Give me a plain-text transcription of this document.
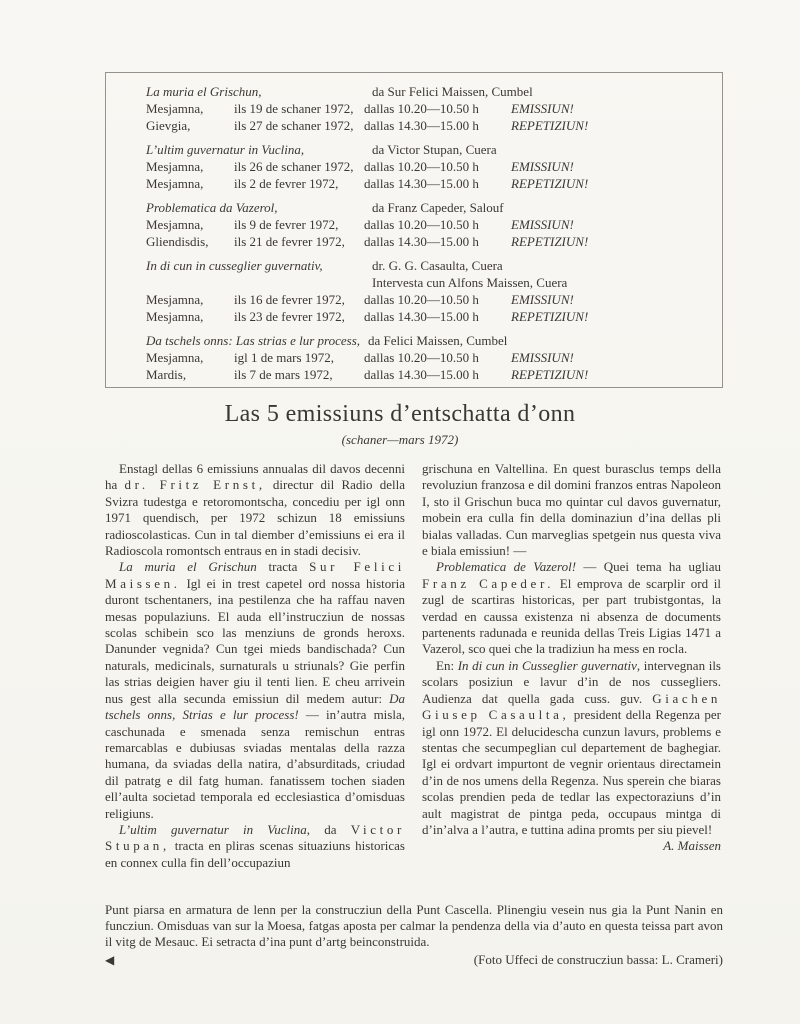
La muria el Grischun,	da Sur Felici Maissen, Cumbel
Mesjamna,	ils 19 de schaner 1972, dallas 10.20—10.50 h	EMISSIUN!
Gievgia,	ils 27 de schaner 1972, dallas 14.30—15.00 h	REPETIZIUN!
L’ultim guvernatur in Vuclina,	da Victor Stupan, Cuera
Mesjamna,	ils 26 de schaner 1972, dallas 10.20—10.50 h	EMISSIUN!
Mesjamna,	ils 2 de fevrer 1972,	dallas 14.30—15.00 h	REPETIZIUN!
Problematica da Vazerol,	da Franz Capeder, Salouf
Mesjamna,	ils 9 de fevrer 1972,	dallas 10.20—10.50 h	EMISSIUN!
Gliendisdis,	ils 21 de fevrer 1972,	dallas 14.30—15.00 h	REPETIZIUN!
In di cun in cusseglier guvernativ,	dr. G. G. Casaulta, Cuera
Intervesta cun Alfons Maissen, Cuera
Mesjamna,	ils 16 de fevrer 1972,	dallas 10.20—10.50 h	EMISSIUN!
Mesjamna,	ils 23 de fevrer 1972,	dallas 14.30—15.00 h	REPETIZIUN!
Da tschels onns: Las strias e lur process, da Felici Maissen, Cumbel
Mesjamna,	igl 1 de mars 1972,	dallas 10.20—10.50 h	EMISSIUN!
Mardis,	ils 7 de mars 1972,	dallas 14.30—15.00 h	REPETIZIUN!
Las 5 emissiuns d’entschatta d’onn
(schaner—mars 1972)

Enstagl dellas 6 emissiuns annualas dil davos decenni ha dr. Fritz Ernst, directur dil Radio della Svizra tudestga e retoromontscha, concediu per igl onn 1971 quendisch, per 1972 schizun 18 emissiuns radioscolasticas. Cun in tal diember d’emissiuns ei era il Radioscola romontsch entraus en in stadi decisiv.

La muria el Grischun tracta Sur Felici Maissen. Igl ei in trest capetel ord nossa historia duront tschentaners, ina pestilenza che ha raffau naven mesas populaziuns. El auda ell’instrucziun de nossas scolas schibein sco las menziuns de gronds heroxs. Danunder vegnida? Cun tgei mieds bandischada? Cun naturals, medicinals, surnaturals u striunals? Gie perfin las strias deigien haver giu il tenti lien. E cheu arrivein nus gest alla secunda emissiun dil medem autur: Da tschels onns, Strias e lur process! — in’autra misla, caschunada e smenada senza remischun entras remarcablas e dubiusas sviadas mentalas della razza humana, da sviadas della natira, d’absurditads, criudad dil patratg e dil fatg human. fanatissem tochen siaden ell’aulta societad temporala ed ecclesiastica d’omisduas religiuns.

L’ultim guvernatur in Vuclina, da Victor Stupan, tracta en pliras scenas situaziuns historicas en connex culla fin dell’occupaziun

grischuna en Valtellina. En quest burasclus temps della revoluziun franzosa e dil domini franzos entras Napoleon I, sto il Grischun buca mo quintar cul davos guvernatur, mobein era culla fin della dominaziun d’ina dellas pli bialas valladas. Cun marveglias spetgein nus questa viva e biala emissiun! —

Problematica de Vazerol! — Quei tema ha ugliau Franz Capeder. El emprova de scarplir ord il zugl de scartiras historicas, per part trubistgontas, la verdad en caussa existenza ni absenza de documents partenents radunada e reunida dellas Treis Ligias 1471 a Vazerol, sco quei che la tradiziun ha mess en rocla.

En: In di cun in Cusseglier guvernativ, intervegnan ils scolars posiziun e lavur d’in de nos cussegliers. Audienza dat quella gada cuss. guv. Giachen Giusep Casaulta, president della Regenza per igl onn 1972. El delucidescha cunzun lavurs, problems e stentas che secumpeglian cul departement de baghegiar. Igl ei ordvart impurtont de vegnir orientaus directamein d’in de nos umens della Regenza. Nus sperein che biaras scolas prendien peda de tedlar las expectoraziuns d’in ault magistrat de pintga peda, occupaus mintga di d’in’alva a l’autra, e tuttina adina promts per siu pievel!
A. Maissen

Punt piarsa en armatura de lenn per la construcziun della Punt Cascella. Plinengiu vesein nus gia la Punt Nanin en funcziun. Omisduas van sur la Moesa, fatgas aposta per calmar la pendenza della via d’auto en questa teissa part avon il vitg de Mesauc. Ei setracta d’ina punt d’artg beinconstruida.

◀	(Foto Uffeci de construcziun bassa: L. Crameri)
